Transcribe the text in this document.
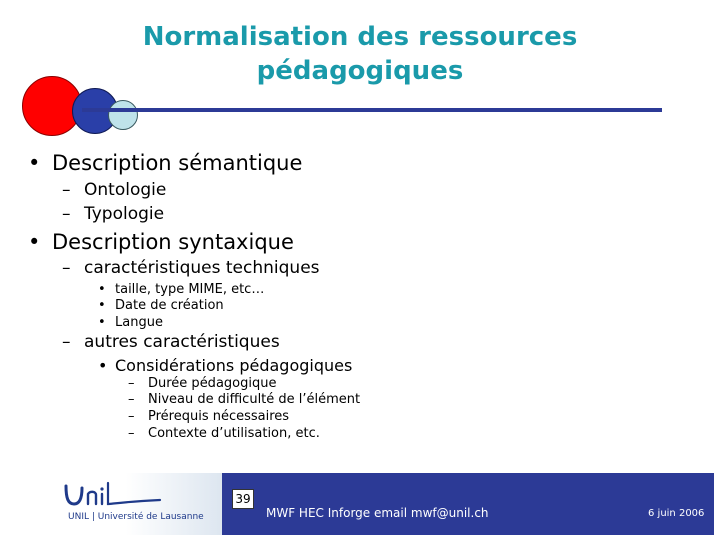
Normalisation des ressources
pédagogiques
• Description sémantique
– Ontologie
– Typologie
• Description syntaxique
– caractéristiques techniques
• taille, type MIME, etc…
• Date de création
• Langue
– autres caractéristiques
• Considérations pédagogiques
– Durée pédagogique
– Niveau de difficulté de l’élément
– Prérequis nécessaires
– Contexte d’utilisation, etc.
UNIL | Université de Lausanne
39
MWF HEC Inforge email mwf@unil.ch	6 juin 2006
